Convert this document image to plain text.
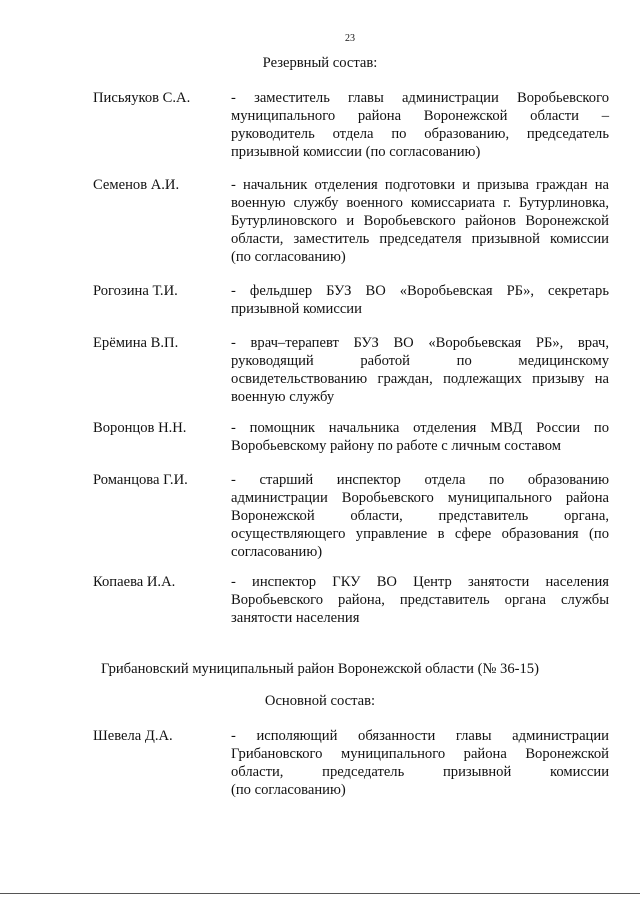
23
Резервный состав:
Письяуков С.А.	- заместитель главы администрации Воробьевского
муниципального района Воронежской области –
руководитель отдела по образованию, председатель
призывной комиссии (по согласованию)
Семенов А.И.	- начальник отделения подготовки и призыва граждан на
военную службу военного комиссариата г. Бутурлиновка,
Бутурлиновского и Воробьевского районов Воронежской
области, заместитель председателя призывной комиссии
(по согласованию)
Рогозина Т.И.	- фельдшер БУЗ ВО «Воробьевская РБ», секретарь
призывной комиссии
Ерёмина В.П.	- врач–терапевт БУЗ ВО «Воробьевская РБ», врач,
руководящий работой по медицинскому
освидетельствованию граждан, подлежащих призыву на
военную службу
Воронцов Н.Н.	- помощник начальника отделения МВД России по
Воробьевскому району по работе с личным составом
Романцова Г.И.	- старший инспектор отдела по образованию
администрации Воробьевского муниципального района
Воронежской области, представитель органа,
осуществляющего управление в сфере образования (по
согласованию)
Копаева И.А.	- инспектор ГКУ ВО Центр занятости населения
Воробьевского района, представитель органа службы
занятости населения
Грибановский муниципальный район Воронежской области (№ 36-15)
Основной состав:
Шевела Д.А.	- исполяющий обязанности главы администрации
Грибановского муниципального района Воронежской
области, председатель призывной комиссии
(по согласованию)
